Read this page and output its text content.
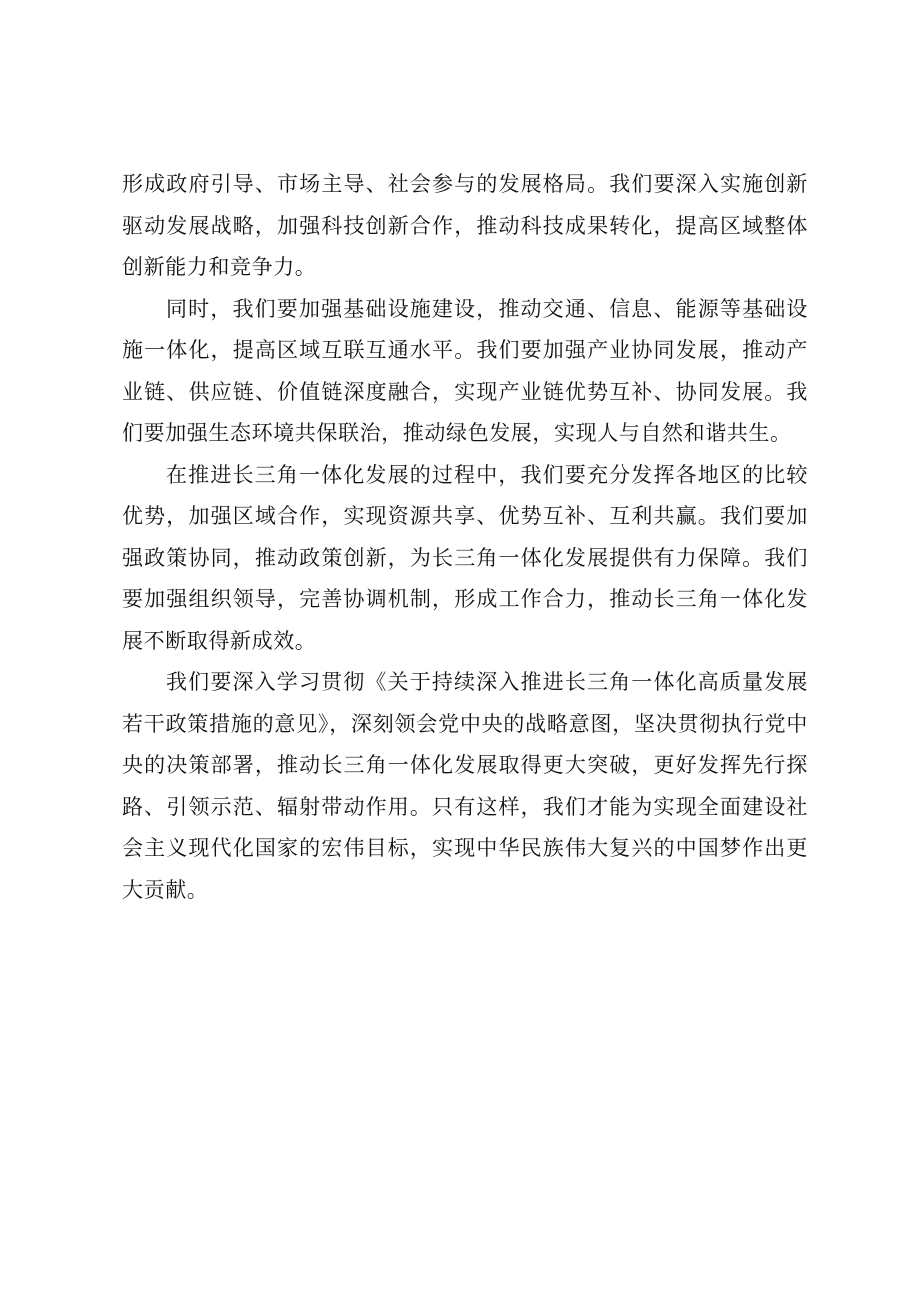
形成政府引导、市场主导、社会参与的发展格局。我们要深入实施创新驱动发展战略，加强科技创新合作，推动科技成果转化，提高区域整体创新能力和竞争力。

同时，我们要加强基础设施建设，推动交通、信息、能源等基础设施一体化，提高区域互联互通水平。我们要加强产业协同发展，推动产业链、供应链、价值链深度融合，实现产业链优势互补、协同发展。我们要加强生态环境共保联治，推动绿色发展，实现人与自然和谐共生。

在推进长三角一体化发展的过程中，我们要充分发挥各地区的比较优势，加强区域合作，实现资源共享、优势互补、互利共赢。我们要加强政策协同，推动政策创新，为长三角一体化发展提供有力保障。我们要加强组织领导，完善协调机制，形成工作合力，推动长三角一体化发展不断取得新成效。

我们要深入学习贯彻《关于持续深入推进长三角一体化高质量发展若干政策措施的意见》，深刻领会党中央的战略意图，坚决贯彻执行党中央的决策部署，推动长三角一体化发展取得更大突破，更好发挥先行探路、引领示范、辐射带动作用。只有这样，我们才能为实现全面建设社会主义现代化国家的宏伟目标，实现中华民族伟大复兴的中国梦作出更大贡献。
